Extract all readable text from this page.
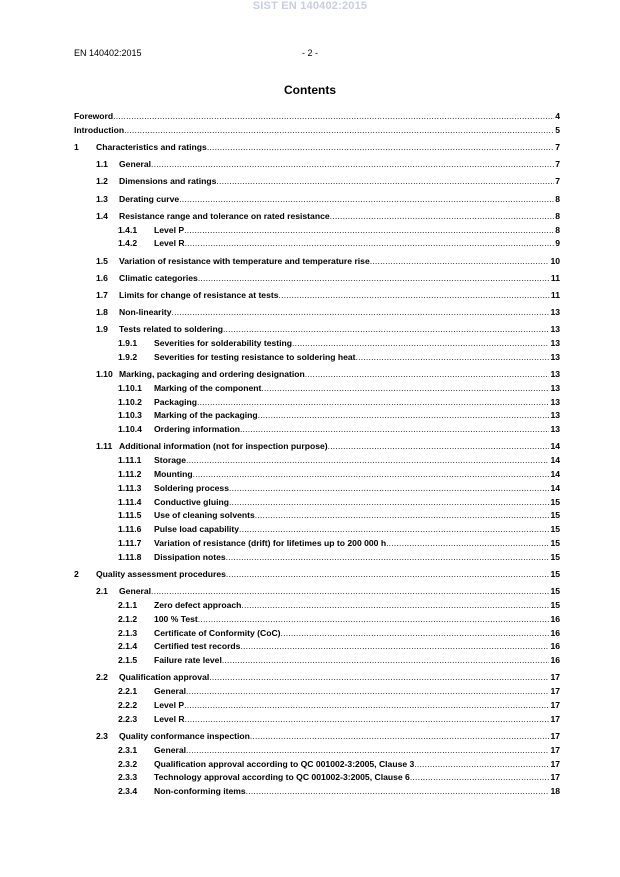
SIST EN 140402:2015
EN 140402:2015	- 2 -
Contents
Foreword .....	4
Introduction .....	5
1	Characteristics and ratings .....	7
1.1	General .....	7
1.2	Dimensions and ratings .....	7
1.3	Derating curve .....	8
1.4	Resistance range and tolerance on rated resistance .....	8
1.4.1	Level P .....	8
1.4.2	Level R .....	9
1.5	Variation of resistance with temperature and temperature rise .....	10
1.6	Climatic categories .....	11
1.7	Limits for change of resistance at tests .....	11
1.8	Non-linearity .....	13
1.9	Tests related to soldering .....	13
1.9.1	Severities for solderability testing .....	13
1.9.2	Severities for testing resistance to soldering heat .....	13
1.10 Marking, packaging and ordering designation .....	13
1.10.1	Marking of the component .....	13
1.10.2	Packaging .....	13
1.10.3	Marking of the packaging .....	13
1.10.4	Ordering information .....	13
1.11 Additional information (not for inspection purpose) .....	14
1.11.1	Storage .....	14
1.11.2	Mounting .....	14
1.11.3	Soldering process .....	14
1.11.4	Conductive gluing .....	15
1.11.5	Use of cleaning solvents .....	15
1.11.6	Pulse load capability .....	15
1.11.7	Variation of resistance (drift) for lifetimes up to 200 000 h .....	15
1.11.8	Dissipation notes .....	15
2	Quality assessment procedures .....	15
2.1	General .....	15
2.1.1	Zero defect approach .....	15
2.1.2	100 % Test .....	16
2.1.3	Certificate of Conformity (CoC) .....	16
2.1.4	Certified test records .....	16
2.1.5	Failure rate level .....	16
2.2	Qualification approval .....	17
2.2.1	General .....	17
2.2.2	Level P .....	17
2.2.3	Level R .....	17
2.3	Quality conformance inspection .....	17
2.3.1	General .....	17
2.3.2	Qualification approval according to QC 001002-3:2005, Clause 3 .....	17
2.3.3	Technology approval according to QC 001002-3:2005, Clause 6 .....	17
2.3.4	Non-conforming items .....	18
